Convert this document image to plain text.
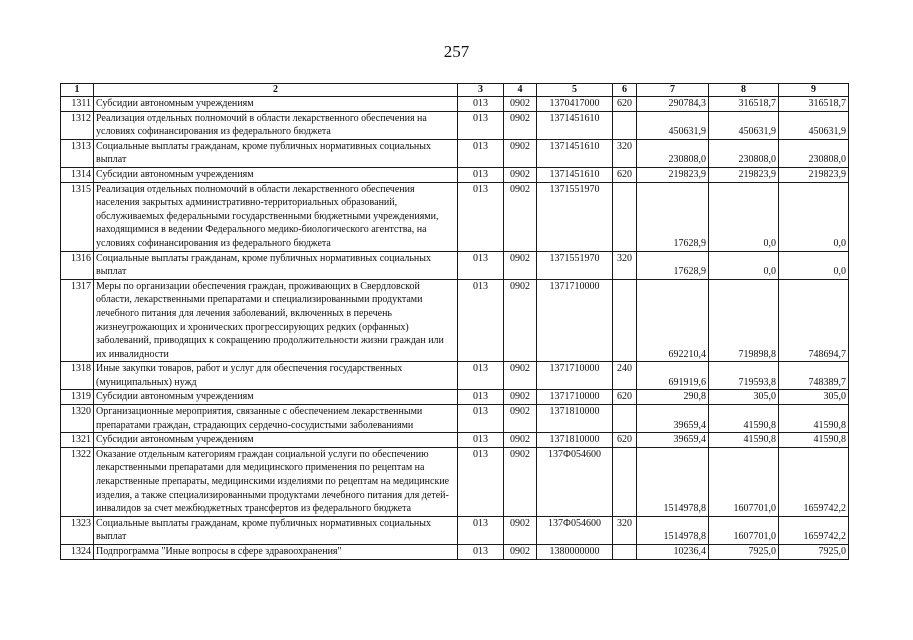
257
1	2	3	4	5	6	7	8	9
1311	Субсидии автономным учреждениям	013	0902	1370417000	620	290784,3	316518,7	316518,7
1312	Реализация отдельных полномочий в области лекарственного обеспечения на условиях софинансирования из федерального бюджета	013	0902	1371451610		450631,9	450631,9	450631,9
1313	Социальные выплаты гражданам, кроме публичных нормативных социальных выплат	013	0902	1371451610	320	230808,0	230808,0	230808,0
1314	Субсидии автономным учреждениям	013	0902	1371451610	620	219823,9	219823,9	219823,9
1315	Реализация отдельных полномочий в области лекарственного обеспечения населения закрытых административно-территориальных образований, обслуживаемых федеральными государственными бюджетными учреждениями, находящимися в ведении Федерального медико-биологического агентства, на условиях софинансирования из федерального бюджета	013	0902	1371551970		17628,9	0,0	0,0
1316	Социальные выплаты гражданам, кроме публичных нормативных социальных выплат	013	0902	1371551970	320	17628,9	0,0	0,0
1317	Меры по организации обеспечения граждан, проживающих в Свердловской области, лекарственными препаратами и специализированными продуктами лечебного питания для лечения заболеваний, включенных в перечень жизнеугрожающих и хронических прогрессирующих редких (орфанных) заболеваний, приводящих к сокращению продолжительности жизни граждан или их инвалидности	013	0902	1371710000		692210,4	719898,8	748694,7
1318	Иные закупки товаров, работ и услуг для обеспечения государственных (муниципальных) нужд	013	0902	1371710000	240	691919,6	719593,8	748389,7
1319	Субсидии автономным учреждениям	013	0902	1371710000	620	290,8	305,0	305,0
1320	Организационные мероприятия, связанные с обеспечением лекарственными препаратами граждан, страдающих сердечно-сосудистыми заболеваниями	013	0902	1371810000		39659,4	41590,8	41590,8
1321	Субсидии автономным учреждениям	013	0902	1371810000	620	39659,4	41590,8	41590,8
1322	Оказание отдельным категориям граждан социальной услуги по обеспечению лекарственными препаратами для медицинского применения по рецептам на лекарственные препараты, медицинскими изделиями по рецептам на медицинские изделия, а также специализированными продуктами лечебного питания для детей-инвалидов за счет межбюджетных трансфертов из федерального бюджета	013	0902	137Ф054600		1514978,8	1607701,0	1659742,2
1323	Социальные выплаты гражданам, кроме публичных нормативных социальных выплат	013	0902	137Ф054600	320	1514978,8	1607701,0	1659742,2
1324	Подпрограмма "Иные вопросы в сфере здравоохранения"	013	0902	1380000000		10236,4	7925,0	7925,0
